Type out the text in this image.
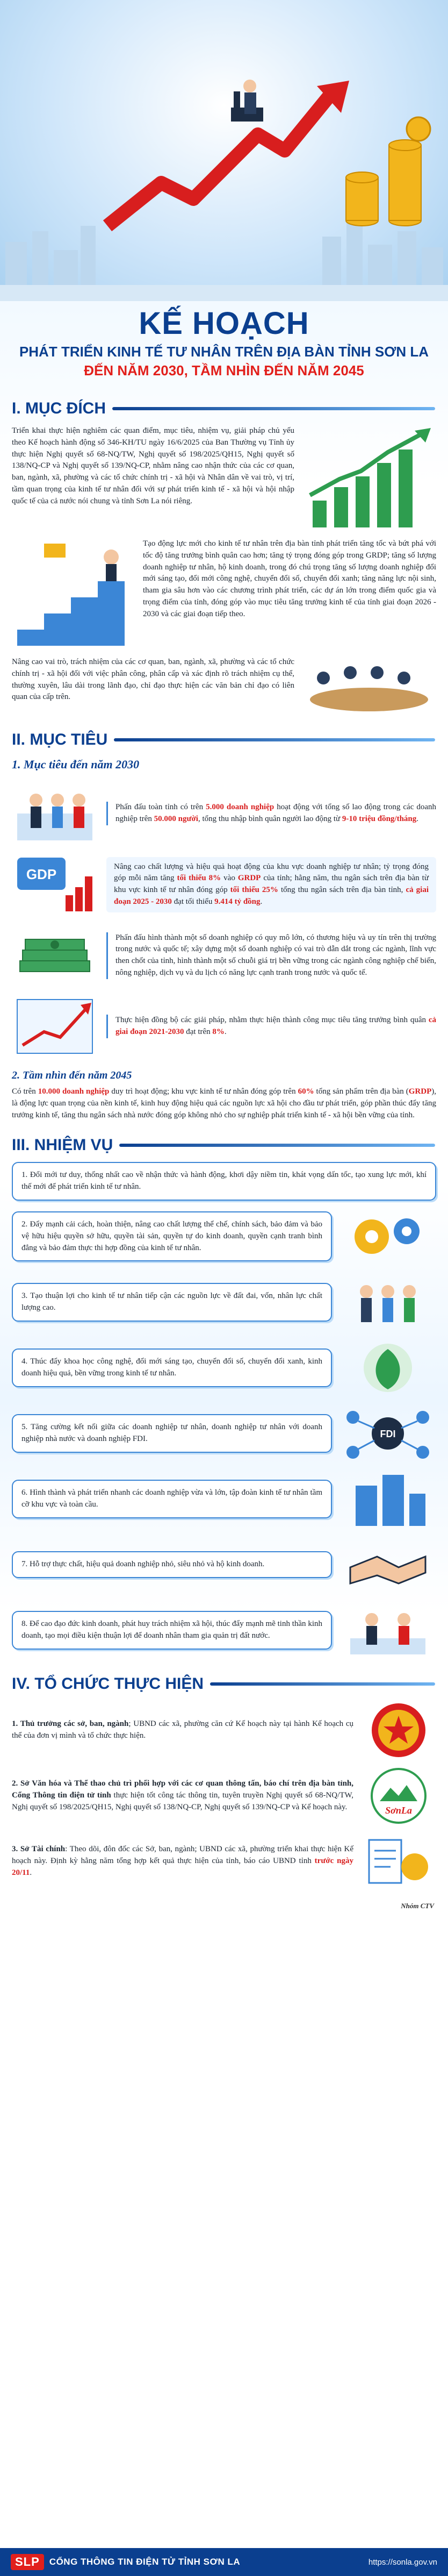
KẾ HOẠCH
PHÁT TRIỂN KINH TẾ TƯ NHÂN TRÊN ĐỊA BÀN TỈNH SƠN LA
ĐẾN NĂM 2030, TẦM NHÌN ĐẾN NĂM 2045
I. MỤC ĐÍCH

Triển khai thực hiện nghiêm các quan điểm, mục tiêu, nhiệm vụ, giải pháp chủ yếu theo Kế hoạch hành động số 346-KH/TU ngày 16/6/2025 của Ban Thường vụ Tỉnh ủy thực hiện Nghị quyết số 68-NQ/TW, Nghị quyết số 198/2025/QH15, Nghị quyết số 138/NQ-CP và Nghị quyết số 139/NQ-CP, nhằm nâng cao nhận thức của các cơ quan, ban, ngành, xã, phường và các tổ chức chính trị - xã hội và Nhân dân về vai trò, vị trí, tầm quan trọng của kinh tế tư nhân đối với sự phát triển kinh tế - xã hội và hội nhập quốc tế của cả nước nói chung và tỉnh Sơn La nói riêng.

Tạo động lực mới cho kinh tế tư nhân trên địa bàn tỉnh phát triển tăng tốc và bứt phá với tốc độ tăng trưởng bình quân cao hơn; tăng tỷ trọng đóng góp trong GRDP; tăng số lượng doanh nghiệp tư nhân, hộ kinh doanh, trong đó chú trọng tăng số lượng doanh nghiệp đổi mới sáng tạo, đổi mới công nghệ, chuyển đổi số, chuyển đổi xanh; tăng năng lực nội sinh, tham gia sâu hơn vào các chương trình phát triển, các dự án lớn trong điểm quốc gia và trọng điểm của tỉnh, đóng góp vào mục tiêu tăng trưởng kinh tế của tỉnh giai đoạn 2026 - 2030 và các giai đoạn tiếp theo.

Nâng cao vai trò, trách nhiệm của các cơ quan, ban, ngành, xã, phường và các tổ chức chính trị - xã hội đối với việc phân công, phân cấp và xác định rõ trách nhiệm cụ thể, thường xuyên, lâu dài trong lãnh đạo, chỉ đạo thực hiện các văn bản chỉ đạo có liên quan của cấp trên.

II. MỤC TIÊU
1. Mục tiêu đến năm 2030

Phấn đấu toàn tỉnh có trên 5.000 doanh nghiệp hoạt động với tổng số lao động trong các doanh nghiệp trên 50.000 người, tổng thu nhập bình quân người lao động từ 9-10 triệu đồng/tháng.

GDP	Nâng cao chất lượng và hiệu quả hoạt động của khu vực doanh nghiệp tư nhân; tỷ trọng đóng góp mỗi năm tăng tối thiểu 8% vào GRDP của tỉnh; hằng năm, thu ngân sách trên địa bàn từ khu vực kinh tế tư nhân đóng góp tối thiểu 25% tổng thu ngân sách trên địa bàn tỉnh, cả giai đoạn 2025 - 2030 đạt tối thiểu 9.414 tỷ đồng.

Phấn đấu hình thành một số doanh nghiệp có quy mô lớn, có thương hiệu và uy tín trên thị trường trong nước và quốc tế; xây dựng một số doanh nghiệp có vai trò dẫn dắt trong các ngành, lĩnh vực then chốt của tỉnh, hình thành một số chuỗi giá trị bền vững trong các ngành công nghiệp chế biến, nông nghiệp, dịch vụ và du lịch có năng lực cạnh tranh trong nước và quốc tế.

Thực hiện đồng bộ các giải pháp, nhằm thực hiện thành công mục tiêu tăng trưởng bình quân cả giai đoạn 2021-2030 đạt trên 8%.

2. Tầm nhìn đến năm 2045

Có trên 10.000 doanh nghiệp duy trì hoạt động; khu vực kinh tế tư nhân đóng góp trên 60% tổng sản phẩm trên địa bàn (GRDP), là động lực quan trọng của nền kinh tế, kinh huy động hiệu quả các nguồn lực xã hội cho đầu tư phát triển, góp phần thúc đẩy tăng trưởng kinh tế, tăng thu ngân sách nhà nước đóng góp không nhỏ cho sự nghiệp phát triển kinh tế - xã hội bền vững của tỉnh.

III. NHIỆM VỤ

1. Đổi mới tư duy, thống nhất cao về nhận thức và hành động, khơi dậy niềm tin, khát vọng dấn tốc, tạo xung lực mới, khí thế mới để phát triển kinh tế tư nhân.

2. Đẩy mạnh cải cách, hoàn thiện, nâng cao chất lượng thể chế, chính sách, bảo đảm và bảo vệ hữu hiệu quyền sở hữu, quyền tài sản, quyền tự do kinh doanh, quyền cạnh tranh bình đẳng và bảo đảm thực thi hợp đồng của kinh tế tư nhân.

3. Tạo thuận lợi cho kinh tế tư nhân tiếp cận các nguồn lực về đất đai, vốn, nhân lực chất lượng cao.

4. Thúc đẩy khoa học công nghệ, đổi mới sáng tạo, chuyển đổi số, chuyển đổi xanh, kinh doanh hiệu quả, bền vững trong kinh tế tư nhân.

5. Tăng cường kết nối giữa các doanh nghiệp tư nhân, doanh nghiệp tư nhân với doanh nghiệp nhà nước và doanh nghiệp FDI.	FDI

6. Hình thành và phát triển nhanh các doanh nghiệp vừa và lớn, tập đoàn kinh tế tư nhân tầm cỡ khu vực và toàn cầu.

7. Hỗ trợ thực chất, hiệu quả doanh nghiệp nhỏ, siêu nhỏ và hộ kinh doanh.

8. Để cao đạo đức kinh doanh, phát huy trách nhiệm xã hội, thúc đẩy mạnh mẽ tinh thần kinh doanh, tạo mọi điều kiện thuận lợi để doanh nhân tham gia quản trị đất nước.

IV. TỔ CHỨC THỰC HIỆN

1. Thủ trưởng các sở, ban, ngành; UBND các xã, phường căn cứ Kế hoạch này tại hành Kế hoạch cụ thể của đơn vị mình và tổ chức thực hiện.

2. Sở Văn hóa và Thể thao chủ trì phối hợp với các cơ quan thông tấn, báo chí trên địa bàn tỉnh, Cổng Thông tin điện tử tỉnh thực hiện tốt công tác thông tin, tuyên truyền Nghị quyết số 68-NQ/TW, Nghị quyết số 198/2025/QH15, Nghị quyết số 138/NQ-CP, Nghị quyết số 139/NQ-CP và Kế hoạch này.	SơnLa

3. Sở Tài chính: Theo dõi, đôn đốc các Sở, ban, ngành; UBND các xã, phường triển khai thực hiện Kế hoạch này. Định kỳ hằng năm tổng hợp kết quả thực hiện của tỉnh, báo cáo UBND tỉnh trước ngày 20/11.

Nhóm CTV
SLP	CỔNG THÔNG TIN ĐIỆN TỬ TỈNH SƠN LA	https://sonla.gov.vn
